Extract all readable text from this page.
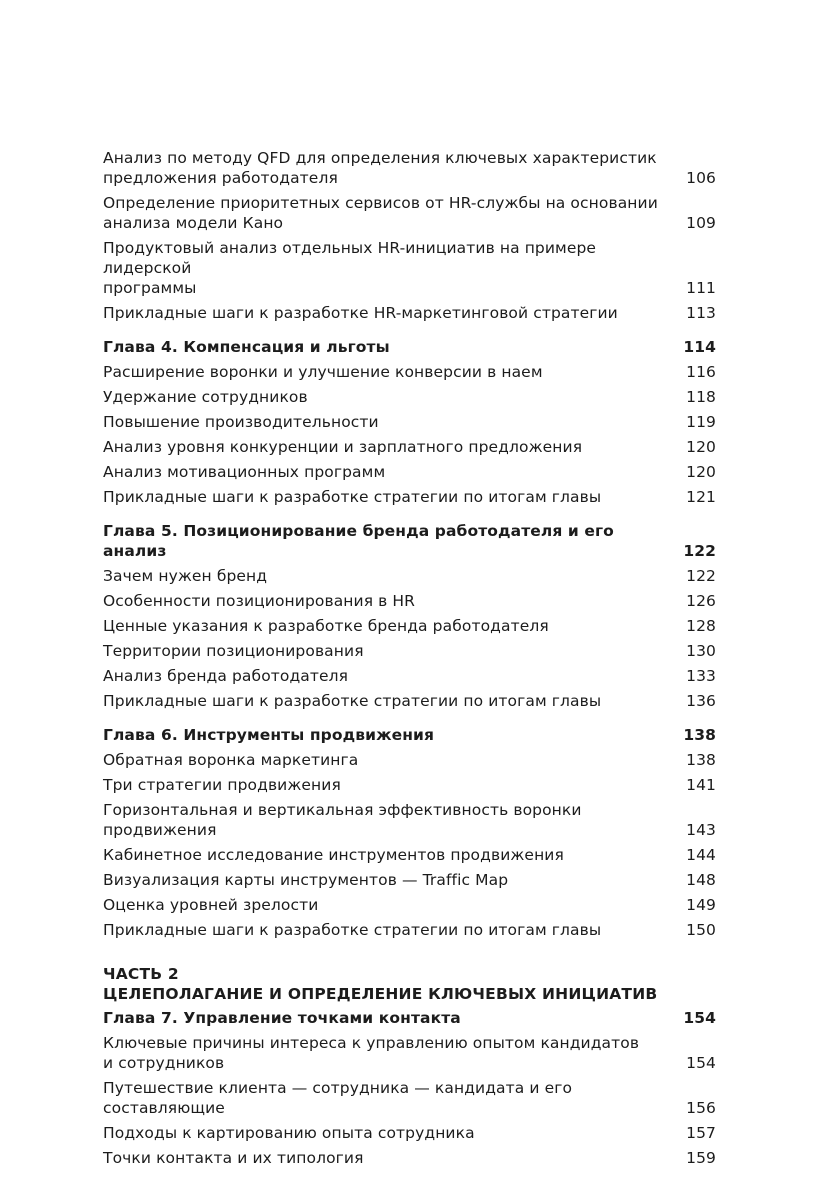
Анализ по методу QFD для определения ключевых характеристик
предложения работодателя	106
Определение приоритетных сервисов от HR-службы на основании
анализа модели Кано	109
Продуктовый анализ отдельных HR-инициатив на примере лидерской
программы	111
Прикладные шаги к разработке HR-маркетинговой стратегии	113
Глава 4. Компенсация и льготы	114
Расширение воронки и улучшение конверсии в наем	116
Удержание сотрудников	118
Повышение производительности	119
Анализ уровня конкуренции и зарплатного предложения	120
Анализ мотивационных программ	120
Прикладные шаги к разработке стратегии по итогам главы	121
Глава 5. Позиционирование бренда работодателя и его анализ	122
Зачем нужен бренд	122
Особенности позиционирования в HR	126
Ценные указания к разработке бренда работодателя	128
Территории позиционирования	130
Анализ бренда работодателя	133
Прикладные шаги к разработке стратегии по итогам главы	136
Глава 6. Инструменты продвижения	138
Обратная воронка маркетинга	138
Три стратегии продвижения	141
Горизонтальная и вертикальная эффективность воронки продвижения	143
Кабинетное исследование инструментов продвижения	144
Визуализация карты инструментов — Traffic Map	148
Оценка уровней зрелости	149
Прикладные шаги к разработке стратегии по итогам главы	150
ЧАСТЬ 2
ЦЕЛЕПОЛАГАНИЕ И ОПРЕДЕЛЕНИЕ КЛЮЧЕВЫХ ИНИЦИАТИВ
Глава 7. Управление точками контакта	154
Ключевые причины интереса к управлению опытом кандидатов
и сотрудников	154
Путешествие клиента — сотрудника — кандидата и его составляющие	156
Подходы к картированию опыта сотрудника	157
Точки контакта и их типология	159
